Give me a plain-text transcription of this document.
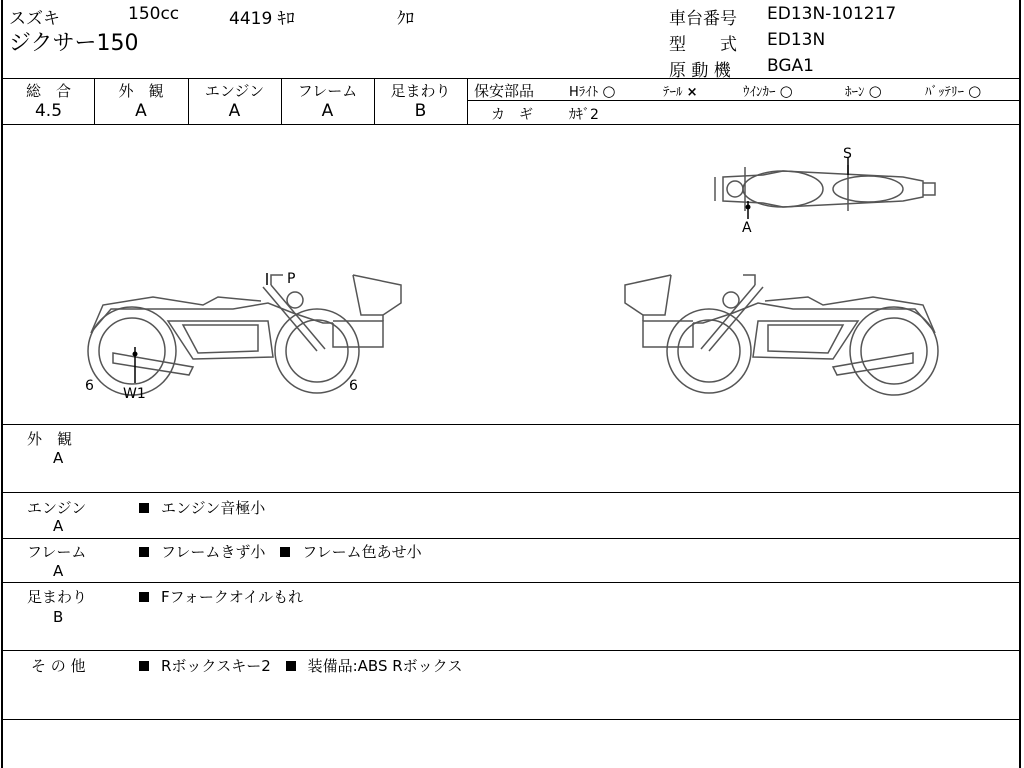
スズキ	150cc	4419 ｷﾛ	ｸﾛ
ジクサー150
車台番号 ED13N-101217
型　　式 ED13N
原 動 機 BGA1
総　合
4.5
外　観
A
エンジン
A
フレーム
A
足まわり
B
保安部品	Hﾗｲﾄ ○	ﾃｰﾙ ×	ｳｲﾝｶｰ ○	ﾎｰﾝ ○	ﾊﾞｯﾃﾘｰ ○
カ　ギ	ｶｷﾞ2
P
W1
6	6
S
A
外　観
A
エンジン
A
エンジン音極小
フレーム
A
フレームきず小 フレーム色あせ小
足まわり
B
Fフォークオイルもれ
そ の 他	Rボックスキー2 装備品:ABS Rボックス
